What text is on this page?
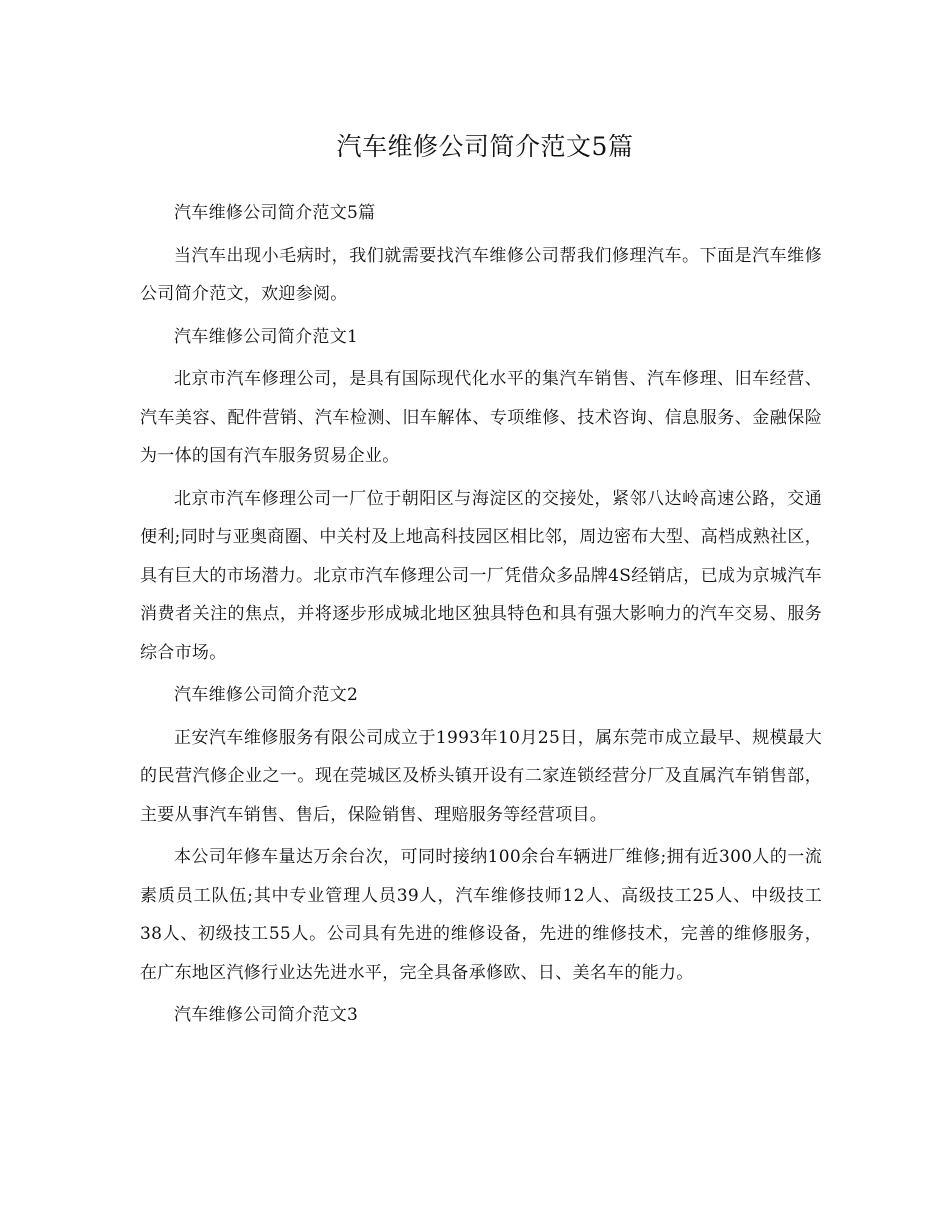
汽车维修公司简介范文5篇

汽车维修公司简介范文5篇

当汽车出现小毛病时，我们就需要找汽车维修公司帮我们修理汽车。下面是汽车维修公司简介范文，欢迎参阅。

汽车维修公司简介范文1

北京市汽车修理公司，是具有国际现代化水平的集汽车销售、汽车修理、旧车经营、汽车美容、配件营销、汽车检测、旧车解体、专项维修、技术咨询、信息服务、金融保险为一体的国有汽车服务贸易企业。

北京市汽车修理公司一厂位于朝阳区与海淀区的交接处，紧邻八达岭高速公路，交通便利;同时与亚奥商圈、中关村及上地高科技园区相比邻，周边密布大型、高档成熟社区，具有巨大的市场潜力。北京市汽车修理公司一厂凭借众多品牌4S经销店，已成为京城汽车消费者关注的焦点，并将逐步形成城北地区独具特色和具有强大影响力的汽车交易、服务综合市场。

汽车维修公司简介范文2

正安汽车维修服务有限公司成立于1993年10月25日，属东莞市成立最早、规模最大的民营汽修企业之一。现在莞城区及桥头镇开设有二家连锁经营分厂及直属汽车销售部，主要从事汽车销售、售后，保险销售、理赔服务等经营项目。

本公司年修车量达万余台次，可同时接纳100余台车辆进厂维修;拥有近300人的一流素质员工队伍;其中专业管理人员39人，汽车维修技师12人、高级技工25人、中级技工38人、初级技工55人。公司具有先进的维修设备，先进的维修技术，完善的维修服务，在广东地区汽修行业达先进水平，完全具备承修欧、日、美名车的能力。

汽车维修公司简介范文3
